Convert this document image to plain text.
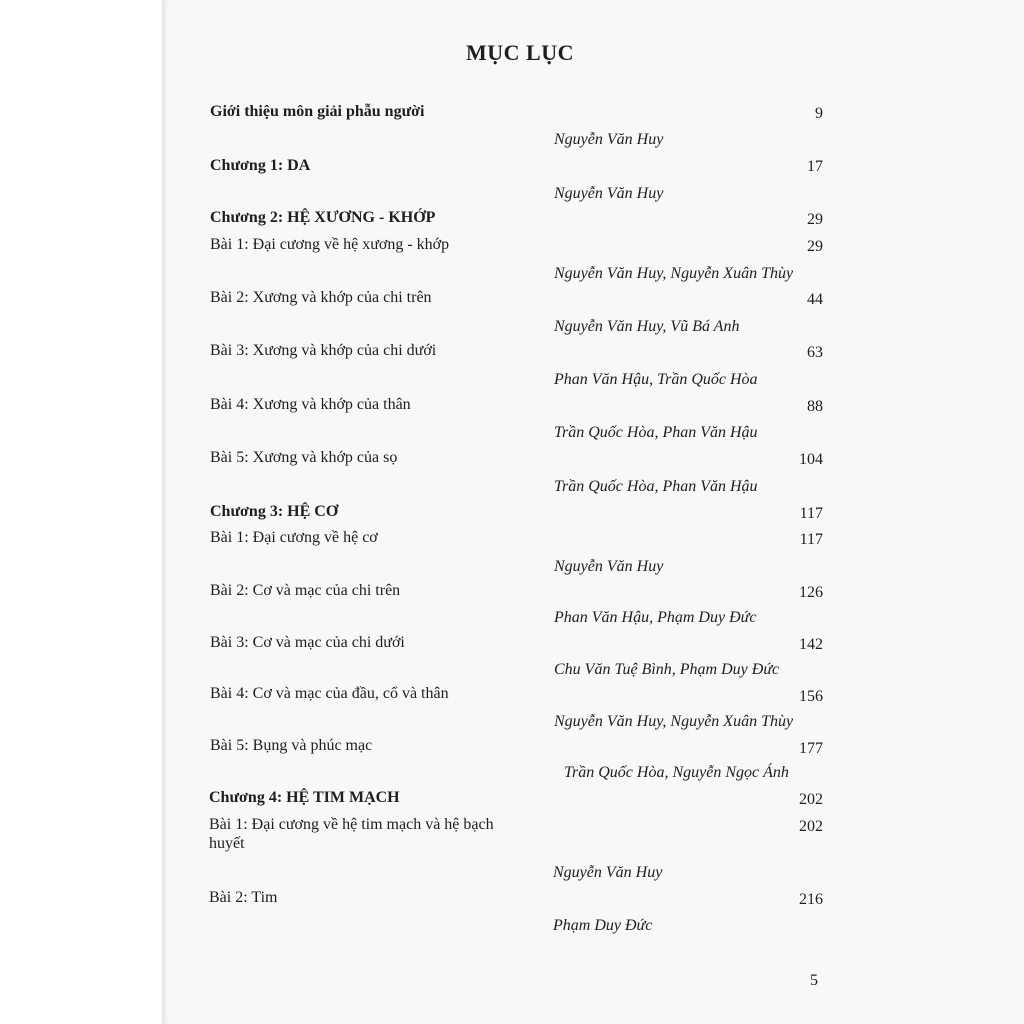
MỤC LỤC
Giới thiệu môn giải phẫu người	9
Nguyễn Văn Huy
Chương 1: DA	17
Nguyễn Văn Huy
Chương 2: HỆ XƯƠNG - KHỚP	29
Bài 1: Đại cương về hệ xương - khớp	29
Nguyễn Văn Huy, Nguyễn Xuân Thùy
Bài 2: Xương và khớp của chi trên	44
Nguyễn Văn Huy, Vũ Bá Anh
Bài 3: Xương và khớp của chi dưới	63
Phan Văn Hậu, Trần Quốc Hòa
Bài 4: Xương và khớp của thân	88
Trần Quốc Hòa, Phan Văn Hậu
Bài 5: Xương và khớp của sọ	104
Trần Quốc Hòa, Phan Văn Hậu
Chương 3: HỆ CƠ	117
Bài 1: Đại cương về hệ cơ	117
Nguyễn Văn Huy
Bài 2: Cơ và mạc của chi trên	126
Phan Văn Hậu, Phạm Duy Đức
Bài 3: Cơ và mạc của chi dưới	142
Chu Văn Tuệ Bình, Phạm Duy Đức
Bài 4: Cơ và mạc của đầu, cổ và thân	156
Nguyễn Văn Huy, Nguyễn Xuân Thùy
Bài 5: Bụng và phúc mạc	177
Trần Quốc Hòa, Nguyễn Ngọc Ánh
Chương 4: HỆ TIM MẠCH	202
Bài 1: Đại cương về hệ tim mạch và hệ bạch
huyết
202
Nguyễn Văn Huy
Bài 2: Tim	216
Phạm Duy Đức
5
